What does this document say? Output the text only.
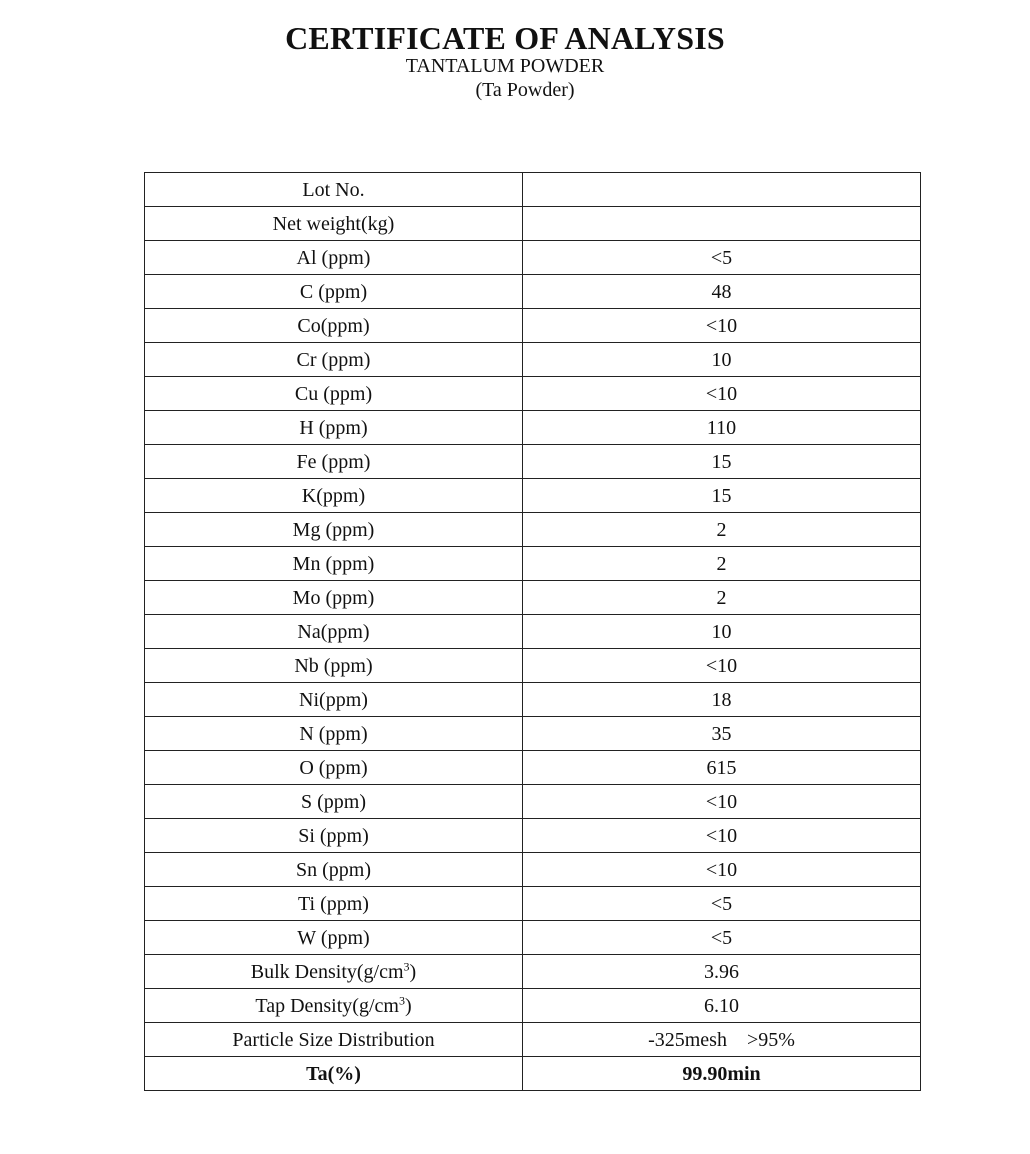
CERTIFICATE OF ANALYSIS
TANTALUM POWDER
(Ta Powder)
Lot No.	
Net weight(kg)	
Al (ppm)	<5
C (ppm)	48
Co(ppm)	<10
Cr (ppm)	10
Cu (ppm)	<10
H (ppm)	110
Fe (ppm)	15
K(ppm)	15
Mg (ppm)	2
Mn (ppm)	2
Mo (ppm)	2
Na(ppm)	10
Nb (ppm)	<10
Ni(ppm)	18
N (ppm)	35
O (ppm)	615
S (ppm)	<10
Si (ppm)	<10
Sn (ppm)	<10
Ti (ppm)	<5
W (ppm)	<5
Bulk $Density(g/cm^3)$	3.96
Tap $Density(g/cm^3)$	6.10
Particle Size Distribution	-325mesh    >95%
Ta(%)	99.90min
